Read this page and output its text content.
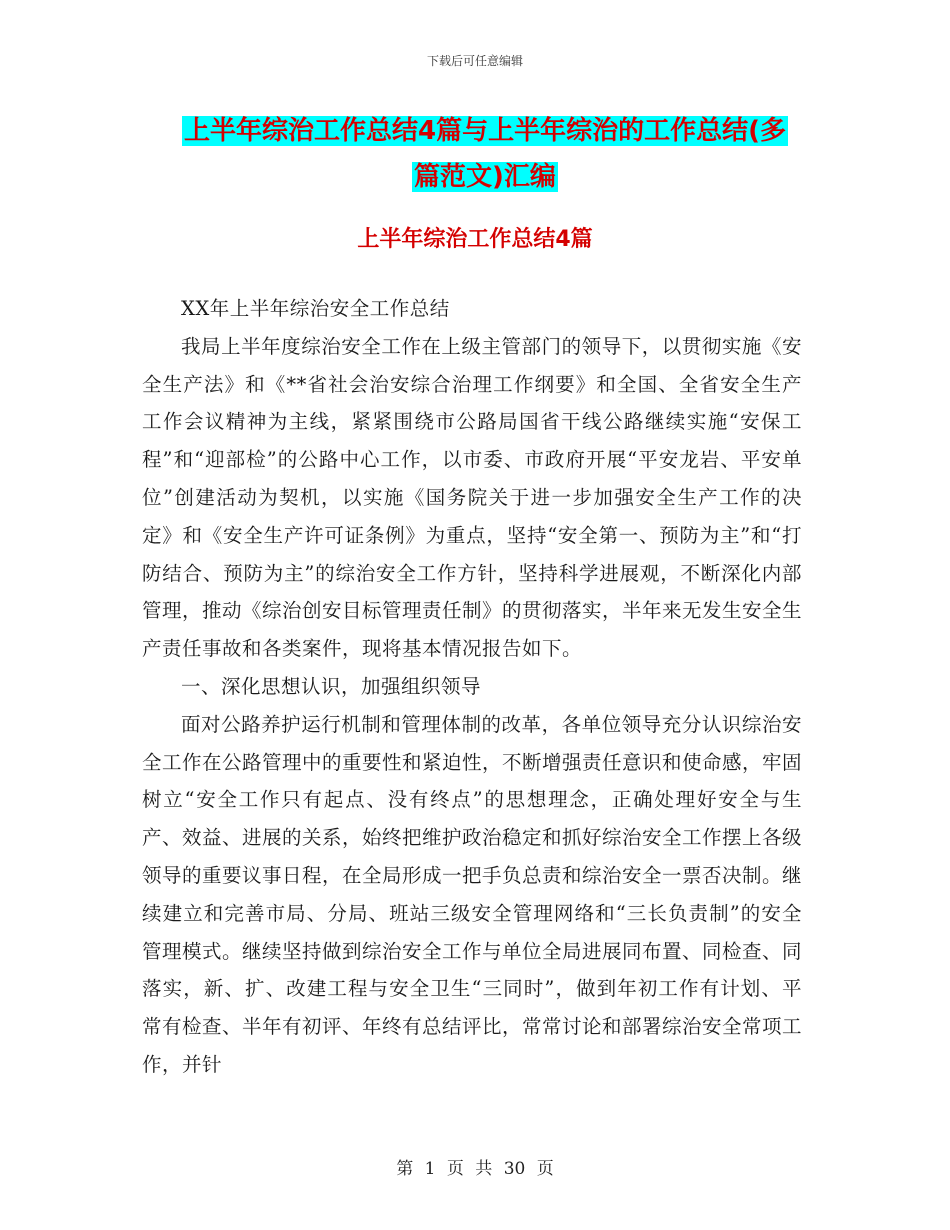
下载后可任意编辑
上半年综治工作总结4篇与上半年综治的工作总结(多
篇范文)汇编
上半年综治工作总结4篇

XX年上半年综治安全工作总结

我局上半年度综治安全工作在上级主管部门的领导下，以贯彻实施《安全生产法》和《**省社会治安综合治理工作纲要》和全国、全省安全生产工作会议精神为主线，紧紧围绕市公路局国省干线公路继续实施“安保工程”和“迎部检”的公路中心工作，以市委、市政府开展“平安龙岩、平安单位”创建活动为契机，以实施《国务院关于进一步加强安全生产工作的决定》和《安全生产许可证条例》为重点，坚持“安全第一、预防为主”和“打防结合、预防为主”的综治安全工作方针，坚持科学进展观，不断深化内部管理，推动《综治创安目标管理责任制》的贯彻落实，半年来无发生安全生产责任事故和各类案件，现将基本情况报告如下。

一、深化思想认识，加强组织领导

面对公路养护运行机制和管理体制的改革，各单位领导充分认识综治安全工作在公路管理中的重要性和紧迫性，不断增强责任意识和使命感，牢固树立“安全工作只有起点、没有终点”的思想理念，正确处理好安全与生产、效益、进展的关系，始终把维护政治稳定和抓好综治安全工作摆上各级领导的重要议事日程，在全局形成一把手负总责和综治安全一票否决制。继续建立和完善市局、分局、班站三级安全管理网络和“三长负责制”的安全管理模式。继续坚持做到综治安全工作与单位全局进展同布置、同检查、同落实，新、扩、改建工程与安全卫生“三同时”，做到年初工作有计划、平常有检查、半年有初评、年终有总结评比，常常讨论和部署综治安全常项工作，并针

第 1 页 共 30 页
